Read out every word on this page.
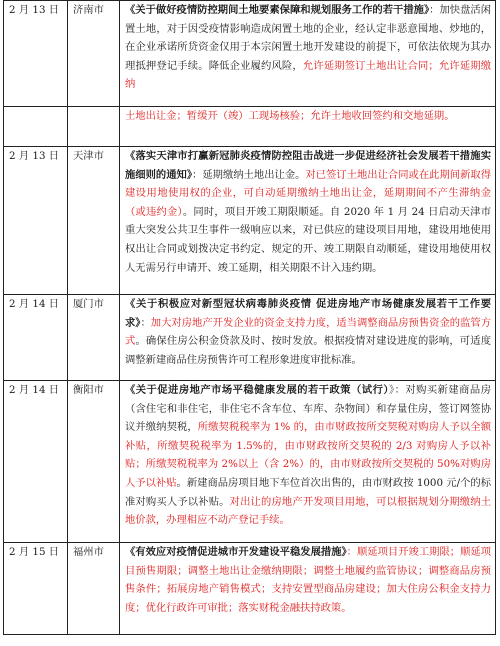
2 月 13 日	济南市	《关于做好疫情防控期间土地要素保障和规划服务工作的若干措施》：加快盘活闲置土地，对于因受疫情影响造成闲置土地的企业，经认定非恶意囤地、炒地的，在企业承诺所贷资金仅用于本宗闲置土地开发建设的前提下，可依法依规为其办理抵押登记手续。降低企业履约风险，允许延期签订土地出让合同；允许延期缴纳
		土地出让金；暂缓开（竣）工现场核验；允许土地收回签约和交地延期。
2 月 13 日	天津市	《落实天津市打赢新冠肺炎疫情防控阻击战进一步促进经济社会发展若干措施实施细则的通知》：延期缴纳土地出让金。对已签订土地出让合同或在此期间新取得建设用地使用权的企业，可自动延期缴纳土地出让金，延期期间不产生滞纳金（或违约金）。同时，项目开竣工期限顺延。自 2020 年 1 月 24 日启动天津市重大突发公共卫生事件一级响应以来，对已供应的建设项目用地，建设用地使用权出让合同或划拨决定书约定、规定的开、竣工期限自动顺延，建设用地使用权人无需另行申请开、竣工延期，相关期限不计入违约期。
2 月 14 日	厦门市	《关于积极应对新型冠状病毒肺炎疫情 促进房地产市场健康发展若干工作要求》：加大对房地产开发企业的资金支持力度，适当调整商品房预售资金的监管方式。确保住房公积金贷款及时、按时发放。根据疫情对建设进度的影响，可适度调整新建商品住房预售许可工程形象进度审批标准。
2 月 14 日	衡阳市	《关于促进房地产市场平稳健康发展的若干政策（试行）》：对购买新建商品房（含住宅和非住宅，非住宅不含车位、车库、杂物间）和存量住房，签订网签协议并缴纳契税，所缴契税税率为 1% 的，由市财政按所交契税对购房人予以全额补贴，所缴契税税率为 1.5%的，由市财政按所交契税的 2/3 对购房人予以补贴；所缴契税税率为 2%以上（含 2%）的，由市财政按所交契税的 50%对购房人予以补贴。新建商品房项目地下车位首次出售的，由市财政按 1000 元/个的标准对购买人予以补贴。对出让的房地产开发项目用地，可以根据规划分期缴纳土地价款，办理相应不动产登记手续。
2 月 15 日	福州市	《有效应对疫情促进城市开发建设平稳发展措施》：顺延项目开竣工期限；顺延项目预售期限；调整土地出让金缴纳期限；调整土地履约监管协议；调整商品房预售条件；拓展房地产销售模式；支持安置型商品房建设；加大住房公积金支持力度；优化行政许可审批；落实财税金融扶持政策。
